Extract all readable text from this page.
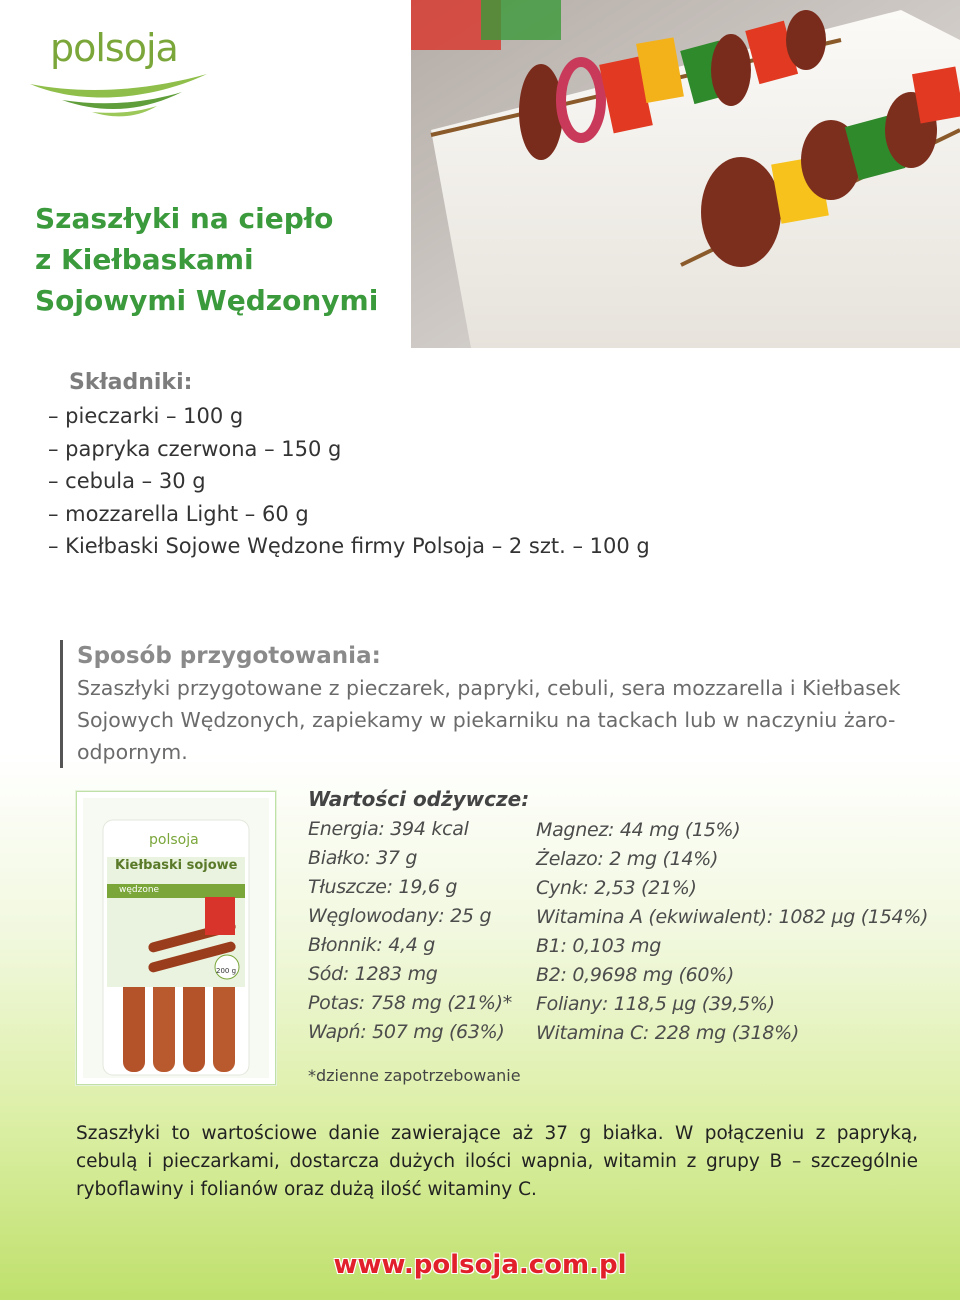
polsoja
Szaszłyki na ciepło
z Kiełbaskami
Sojowymi Wędzonymi
Składniki:
– pieczarki – 100 g
– papryka czerwona – 150 g
– cebula – 30 g
– mozzarella Light – 60 g
– Kiełbaski Sojowe Wędzone firmy Polsoja – 2 szt. – 100 g
Sposób przygotowania:
Szaszłyki przygotowane z pieczarek, papryki, cebuli, sera mozzarella i Kiełbasek Sojowych Wędzonych, zapiekamy w piekarniku na tackach lub w naczyniu żaro-odpornym.
polsoja
Kiełbaski sojowe
wędzone
200 g
Wartości odżywcze:
Energia: 394 kcal
Białko: 37 g
Tłuszcze: 19,6 g
Węglowodany: 25 g
Błonnik: 4,4 g
Sód: 1283 mg
Potas: 758 mg (21%)*
Wapń: 507 mg (63%)
Magnez: 44 mg (15%)
Żelazo: 2 mg (14%)
Cynk: 2,53 (21%)
Witamina A (ekwiwalent): 1082 µg (154%)
B1: 0,103 mg
B2: 0,9698 mg (60%)
Foliany: 118,5 µg (39,5%)
Witamina C: 228 mg (318%)
*dzienne zapotrzebowanie
Szaszłyki to wartościowe danie zawierające aż 37 g białka. W połączeniu z papryką, cebulą i pieczarkami, dostarcza dużych ilości wapnia, witamin z grupy B – szczególnie ryboflawiny i folianów oraz dużą ilość witaminy C.
www.polsoja.com.pl
